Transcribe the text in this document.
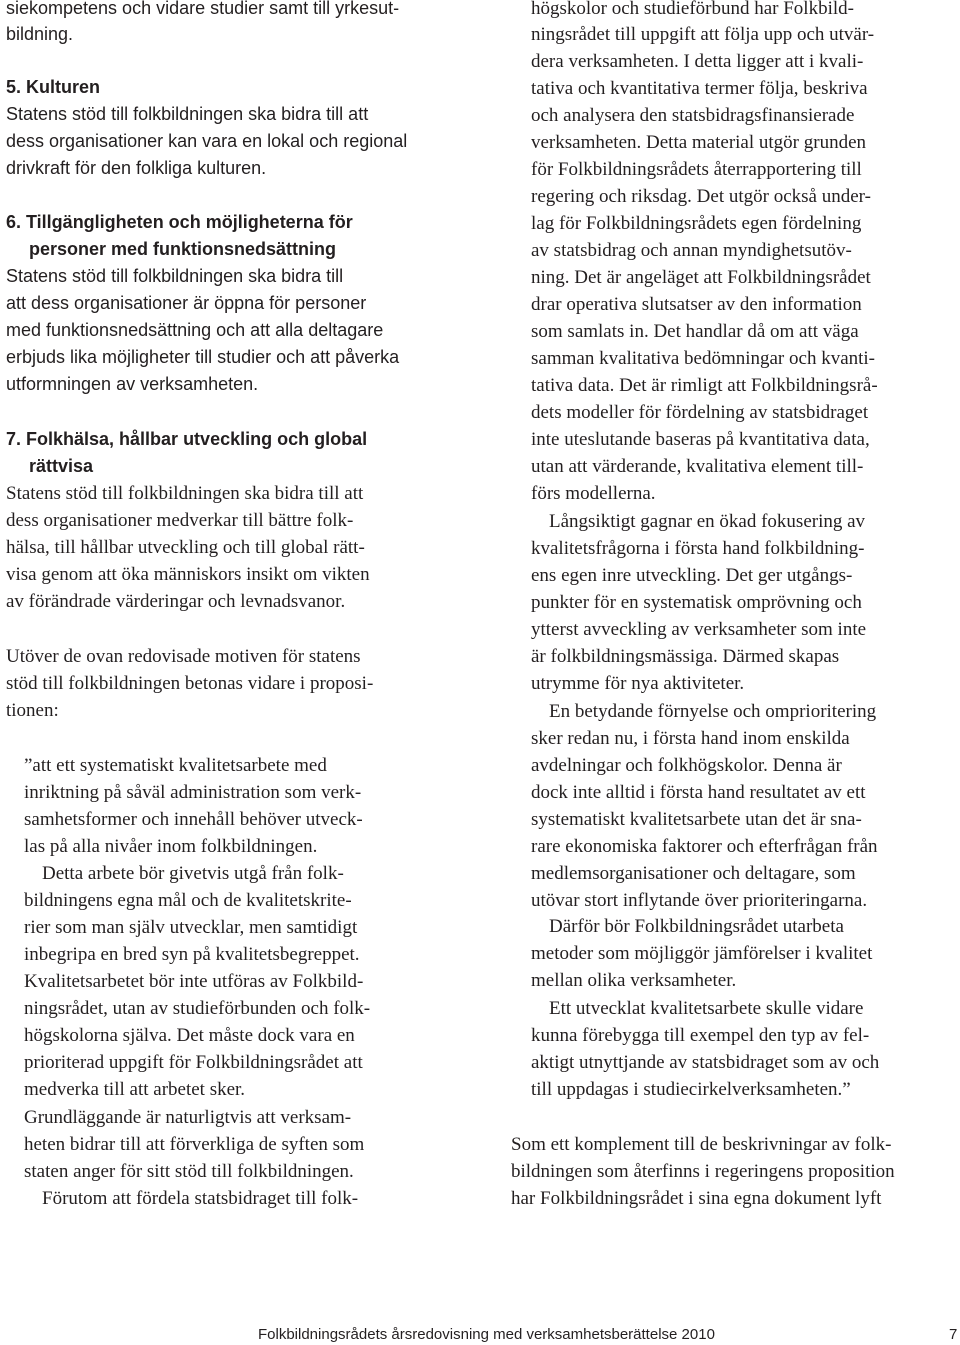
siekompetens och vidare studier samt till yrkesut-
bildning.
5. Kulturen
Statens stöd till folkbildningen ska bidra till att
dess organisationer kan vara en lokal och regional
drivkraft för den folkliga kulturen.
6. Tillgängligheten och möjligheterna för
personer med funktionsnedsättning
Statens stöd till folkbildningen ska bidra till
att dess organisationer är öppna för personer
med funktionsnedsättning och att alla deltagare
erbjuds lika möjligheter till studier och att påverka
utformningen av verksamheten.
7. Folkhälsa, hållbar utveckling och global
rättvisa
Statens stöd till folkbildningen ska bidra till att
dess organisationer medverkar till bättre folk-
hälsa, till hållbar utveckling och till global rätt-
visa genom att öka människors insikt om vikten
av förändrade värderingar och levnadsvanor.
Utöver de ovan redovisade motiven för statens
stöd till folkbildningen betonas vidare i proposi-
tionen:
”att ett systematiskt kvalitetsarbete med
inriktning på såväl administration som verk-
samhetsformer och innehåll behöver utveck-
las på alla nivåer inom folkbildningen.
Detta arbete bör givetvis utgå från folk-
bildningens egna mål och de kvalitetskrite-
rier som man själv utvecklar, men samtidigt
inbegripa en bred syn på kvalitetsbegreppet.
Kvalitetsarbetet bör inte utföras av Folkbild-
ningsrådet, utan av studieförbunden och folk-
högskolorna själva. Det måste dock vara en
prioriterad uppgift för Folkbildningsrådet att
medverka till att arbetet sker.
Grundläggande är naturligtvis att verksam-
heten bidrar till att förverkliga de syften som
staten anger för sitt stöd till folkbildningen.
Förutom att fördela statsbidraget till folk-
högskolor och studieförbund har Folkbild-
ningsrådet till uppgift att följa upp och utvär-
dera verksamheten. I detta ligger att i kvali-
tativa och kvantitativa termer följa, beskriva
och analysera den statsbidragsfinansierade
verksamheten. Detta material utgör grunden
för Folkbildningsrådets återrapportering till
regering och riksdag. Det utgör också under-
lag för Folkbildningsrådets egen fördelning
av statsbidrag och annan myndighetsutöv-
ning. Det är angeläget att Folkbildningsrådet
drar operativa slutsatser av den information
som samlats in. Det handlar då om att väga
samman kvalitativa bedömningar och kvanti-
tativa data. Det är rimligt att Folkbildningsrå-
dets modeller för fördelning av statsbidraget
inte uteslutande baseras på kvantitativa data,
utan att värderande, kvalitativa element till-
förs modellerna.
Långsiktigt gagnar en ökad fokusering av
kvalitetsfrågorna i första hand folkbildning-
ens egen inre utveckling. Det ger utgångs-
punkter för en systematisk omprövning och
ytterst avveckling av verksamheter som inte
är folkbildningsmässiga. Därmed skapas
utrymme för nya aktiviteter.
En betydande förnyelse och omprioritering
sker redan nu, i första hand inom enskilda
avdelningar och folkhögskolor. Denna är
dock inte alltid i första hand resultatet av ett
systematiskt kvalitetsarbete utan det är sna-
rare ekonomiska faktorer och efterfrågan från
medlemsorganisationer och deltagare, som
utövar stort inflytande över prioriteringarna.
Därför bör Folkbildningsrådet utarbeta
metoder som möjliggör jämförelser i kvalitet
mellan olika verksamheter.
Ett utvecklat kvalitetsarbete skulle vidare
kunna förebygga till exempel den typ av fel-
aktigt utnyttjande av statsbidraget som av och
till uppdagas i studiecirkelverksamheten.”
Som ett komplement till de beskrivningar av folk-
bildningen som återfinns i regeringens proposition
har Folkbildningsrådet i sina egna dokument lyft
Folkbildningsrådets årsredovisning med verksamhetsberättelse 2010	7
